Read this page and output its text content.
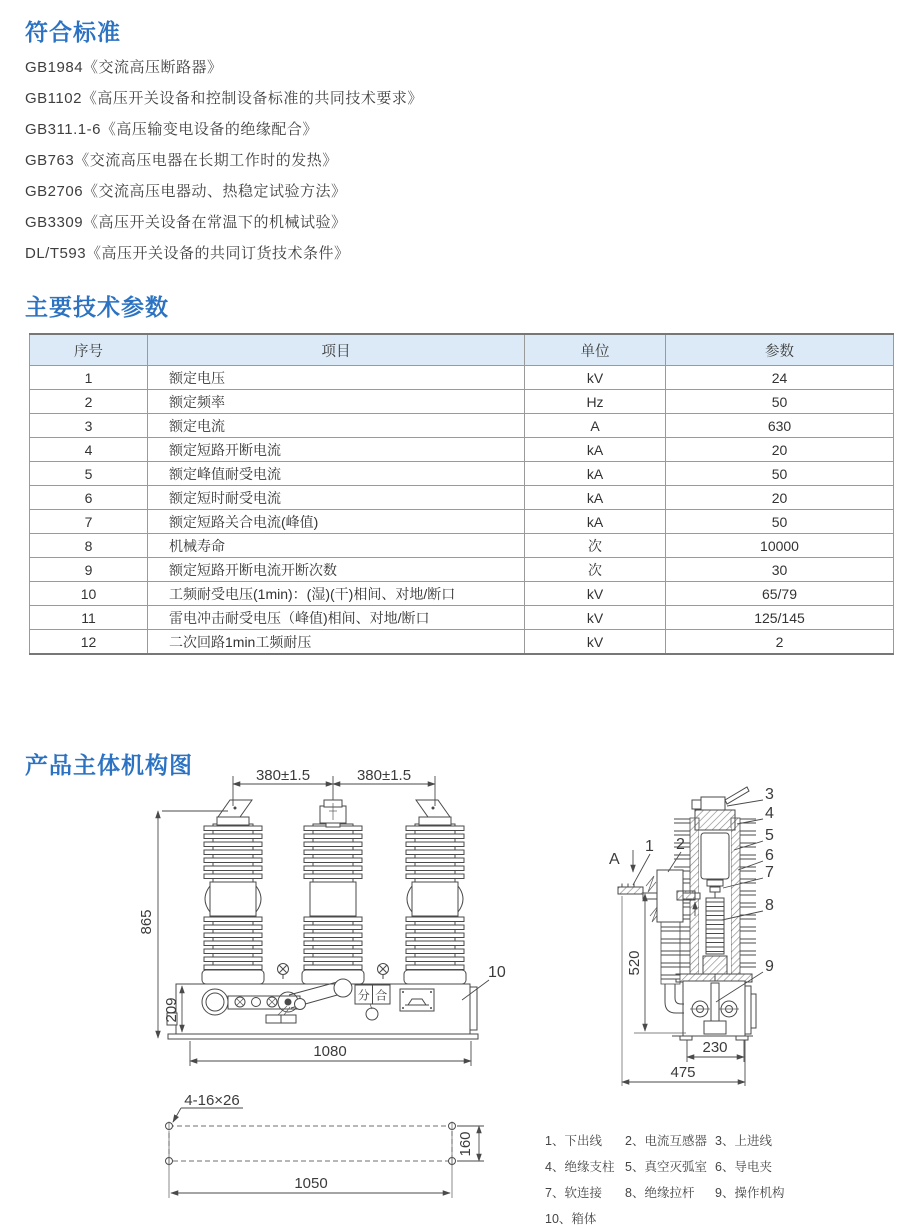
符合标准
GB1984《交流高压断路器》
GB1102《高压开关设备和控制设备标准的共同技术要求》
GB311.1-6《高压输变电设备的绝缘配合》
GB763《交流高压电器在长期工作时的发热》
GB2706《交流高压电器动、热稳定试验方法》
GB3309《高压开关设备在常温下的机械试验》
DL/T593《高压开关设备的共同订货技术条件》
主要技术参数
序号	项目	单位	参数
1	额定电压	kV	24
2	额定频率	Hz	50
3	额定电流	A	630
4	额定短路开断电流	kA	20
5	额定峰值耐受电流	kA	50
6	额定短时耐受电流	kA	20
7	额定短路关合电流(峰值)	kA	50
8	机械寿命	次	10000
9	额定短路开断电流开断次数	次	30
10	工频耐受电压(1min)：(湿)(干)相间、对地/断口	kV	65/79
11	雷电冲击耐受电压（峰值)相间、对地/断口	kV	125/145
12	二次回路1min工频耐压	kV	2
产品主体机构图
分 合
10
380±1.5	380±1.5
865
209
1080
4-16×26
160
1050
A
1 2
3
4
5
6
7
8
9
520
230
475
1、下出线	2、电流互感器 3、上进线
4、绝缘支柱 5、真空灭弧室 6、导电夹
7、软连接	8、绝缘拉杆	9、操作机构
10、箱体
